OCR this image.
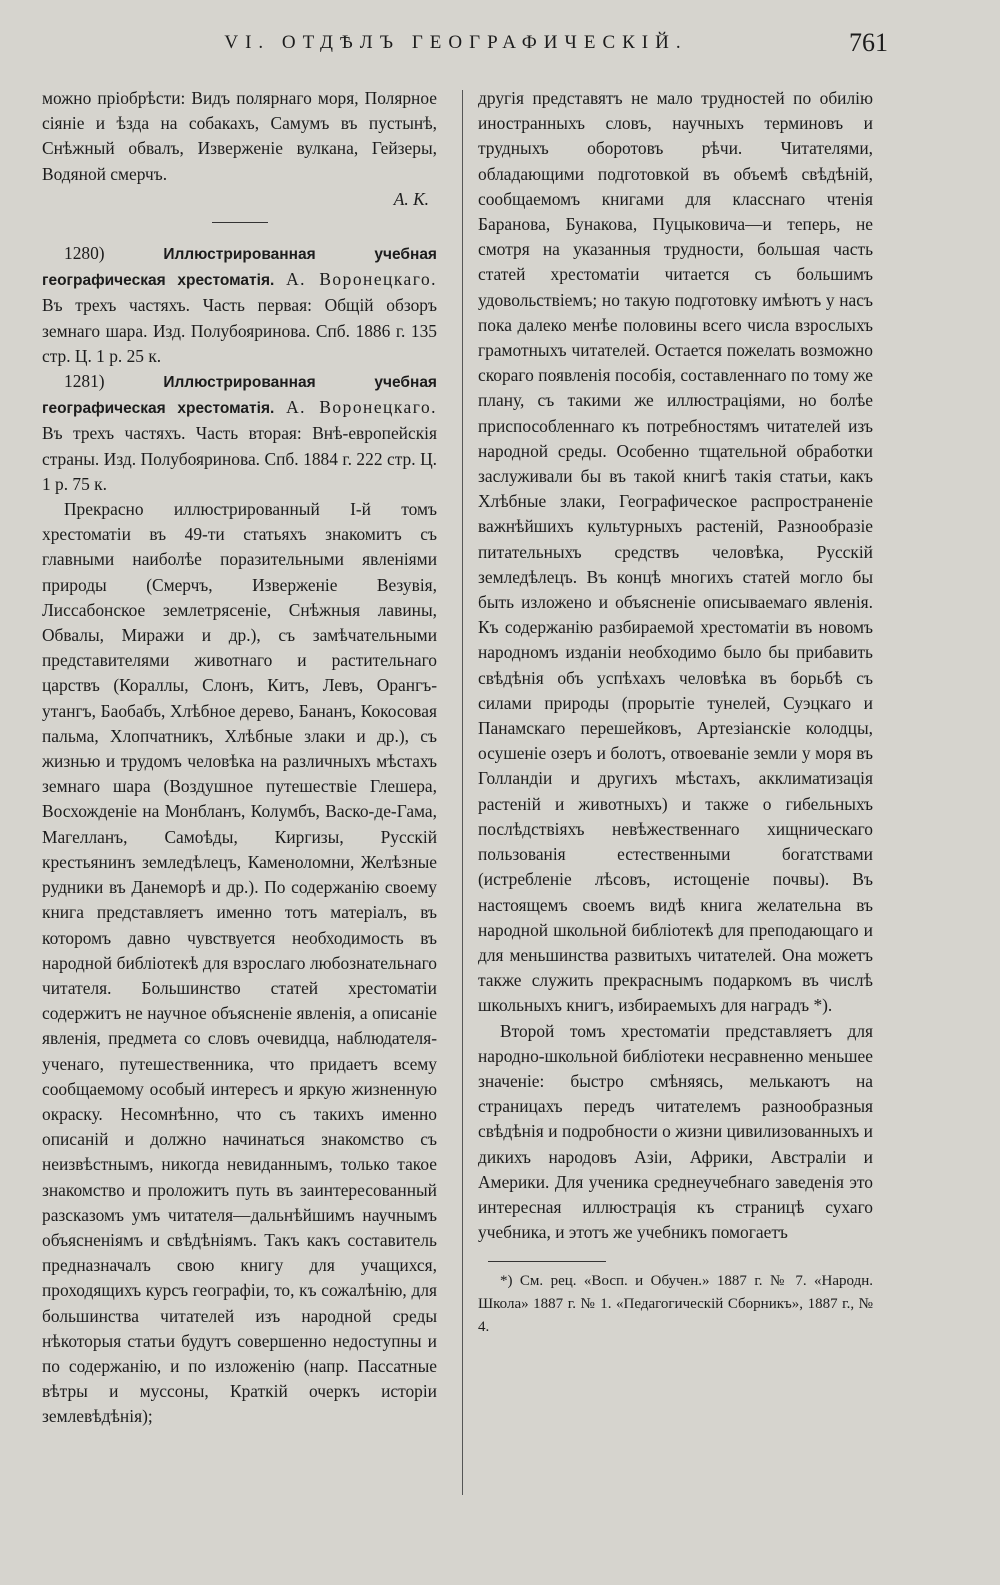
VI. ОТДѢЛЪ ГЕОГРАФИЧЕСКІЙ.	761

можно пріобрѣсти: Видъ полярнаго моря, Полярное сіяніе и ѣзда на собакахъ, Самумъ въ пустынѣ, Снѣжный обвалъ, Изверженіе вулкана, Гейзеры, Водяной смерчъ.

А. К.

1280)	Иллюстрированная учебная географическая хрестоматія. А. Воронецкаго. Въ трехъ частяхъ. Часть первая: Общій обзоръ земнаго шара. Изд. Полубояринова. Спб. 1886 г. 135 стр. Ц. 1 р. 25 к.

1281)	Иллюстрированная учебная географическая хрестоматія. А. Воронецкаго. Въ трехъ частяхъ. Часть вторая: Внѣ-европейскія страны. Изд. Полубояринова. Спб. 1884 г. 222 стр. Ц. 1 р. 75 к.

Прекрасно иллюстрированный I-й томъ хрестоматіи въ 49-ти статьяхъ знакомитъ съ главными наиболѣе поразительными явленіями природы (Смерчъ, Изверженіе Везувія, Лиссабонское землетрясеніе, Снѣжныя лавины, Обвалы, Миражи и др.), съ замѣчательными представителями животнаго и растительнаго царствъ (Кораллы, Слонъ, Китъ, Левъ, Орангъ-утангъ, Баобабъ, Хлѣбное дерево, Бананъ, Кокосовая пальма, Хлопчатникъ, Хлѣбные злаки и др.), съ жизнью и трудомъ человѣка на различныхъ мѣстахъ земнаго шара (Воздушное путешествіе Глешера, Восхожденіе на Монбланъ, Колумбъ, Васко-де-Гама, Магелланъ, Самоѣды, Киргизы, Русскій крестьянинъ земледѣлецъ, Каменоломни, Желѣзные рудники въ Данеморѣ и др.). По содержанію своему книга представляетъ именно тотъ матеріалъ, въ которомъ давно чувствуется необходимость въ народной библіотекѣ для взрослаго любознательнаго читателя. Большинство статей хрестоматіи содержитъ не научное объясненіе явленія, а описаніе явленія, предмета со словъ очевидца, наблюдателя-ученаго, путешественника, что придаетъ всему сообщаемому особый интересъ и яркую жизненную окраску. Несомнѣнно, что съ такихъ именно описаній и должно начинаться знакомство съ неизвѣстнымъ, никогда невиданнымъ, только такое знакомство и проложитъ путь въ заинтересованный разсказомъ умъ читателя—дальнѣйшимъ научнымъ объясненіямъ и свѣдѣніямъ. Такъ какъ составитель предназначалъ свою книгу для учащихся, проходящихъ курсъ географіи, то, къ сожалѣнію, для большинства читателей изъ народной среды нѣкоторыя статьи будутъ совершенно недоступны и по содержанію, и по изложенію (напр. Пассатные вѣтры и муссоны, Краткій очеркъ исторіи землевѣдѣнія);

другія представятъ не мало трудностей по обилію иностранныхъ словъ, научныхъ терминовъ и трудныхъ оборотовъ рѣчи. Читателями, обладающими подготовкой въ объемѣ свѣдѣній, сообщаемомъ книгами для класснаго чтенія Баранова, Бунакова, Пуцыковича—и теперь, не смотря на указанныя трудности, большая часть статей хрестоматіи читается съ большимъ удовольствіемъ; но такую подготовку имѣютъ у насъ пока далеко менѣе половины всего числа взрослыхъ грамотныхъ читателей. Остается пожелать возможно скораго появленія пособія, составленнаго по тому же плану, съ такими же иллюстраціями, но болѣе приспособленнаго къ потребностямъ читателей изъ народной среды. Особенно тщательной обработки заслуживали бы въ такой книгѣ такія статьи, какъ Хлѣбные злаки, Географическое распространеніе важнѣйшихъ культурныхъ растеній, Разнообразіе питательныхъ средствъ человѣка, Русскій земледѣлецъ. Въ концѣ многихъ статей могло бы быть изложено и объясненіе описываемаго явленія. Къ содержанію разбираемой хрестоматіи въ новомъ народномъ изданіи необходимо было бы прибавить свѣдѣнія объ успѣхахъ человѣка въ борьбѣ съ силами природы (прорытіе тунелей, Суэцкаго и Панамскаго перешейковъ, Артезіанскіе колодцы, осушеніе озеръ и болотъ, отвоеваніе земли у моря въ Голландіи и другихъ мѣстахъ, акклиматизація растеній и животныхъ) и также о гибельныхъ послѣдствіяхъ невѣжественнаго хищническаго пользованія естественными богатствами (истребленіе лѣсовъ, истощеніе почвы). Въ настоящемъ своемъ видѣ книга желательна въ народной школьной библіотекѣ для преподающаго и для меньшинства развитыхъ читателей. Она можетъ также служить прекраснымъ подаркомъ въ числѣ школьныхъ книгъ, избираемыхъ для наградъ *).

Второй томъ хрестоматіи представляетъ для народно-школьной библіотеки несравненно меньшее значеніе: быстро смѣняясь, мелькаютъ на страницахъ передъ читателемъ разнообразныя свѣдѣнія и подробности о жизни цивилизованныхъ и дикихъ народовъ Азіи, Африки, Австраліи и Америки. Для ученика среднеучебнаго заведенія это интересная иллюстрація къ страницѣ сухаго учебника, и этотъ же учебникъ помогаетъ

*) См. рец. «Восп. и Обучен.» 1887 г. № 7. «Народн. Школа» 1887 г. № 1. «Педагогическій Сборникъ», 1887 г., № 4.
